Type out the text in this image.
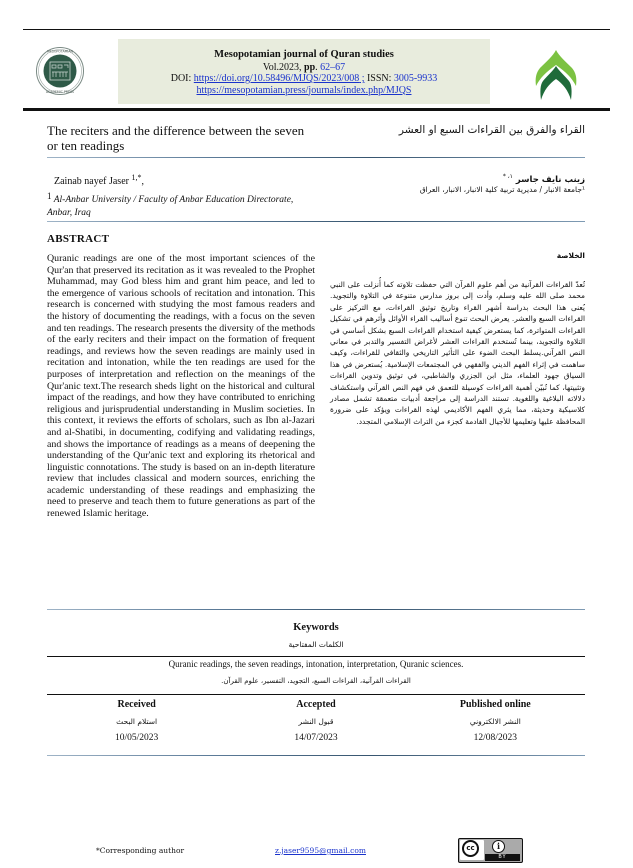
MESOPOTAMIAN
ACADEMIC PRESS
Mesopotamian journal of Quran studies
Vol.2023, pp. 62–67
DOI: https://doi.org/10.58496/MJQS/2023/008 ; ISSN: 3005-9933
https://mesopotamian.press/journals/index.php/MJQS
The reciters and the difference between the seven or ten readings
القراء والفرق بين القراءات السبع او العشر
Zainab nayef Jaser $^{1,*}$,
$^1$ Al-Anbar University / Faculty of Anbar Education Directorate, Anbar, Iraq
زينب نايف جاسر $^{١، *}$
¹جامعة الانبار / مديرية تربية كلية الانبار، الانبار، العراق
ABSTRACT
Quranic readings are one of the most important sciences of the Qur'an that preserved its recitation as it was revealed to the Prophet Muhammad, may God bless him and grant him peace, and led to the emergence of various schools of recitation and intonation. This research is concerned with studying the most famous readers and the history of documenting the readings, with a focus on the seven and ten readings. The research presents the diversity of the methods of the early reciters and their impact on the formation of frequent readings, and reviews how the seven readings are mainly used in recitation and intonation, while the ten readings are used for the purposes of interpretation and reflection on the meanings of the Qur'anic text.The research sheds light on the historical and cultural impact of the readings, and how they have contributed to enriching religious and jurisprudential understanding in Muslim societies. In this context, it reviews the efforts of scholars, such as Ibn al-Jazari and al-Shatibi, in documenting, codifying and validating readings, and shows the importance of readings as a means of deepening the understanding of the Qur'anic text and exploring its rhetorical and linguistic connotations. The study is based on an in-depth literature review that includes classical and modern sources, enriching the academic understanding of these readings and emphasizing the need to preserve and teach them to future generations as part of the renewed Islamic heritage.
الخلاصة
تُعدّ القراءات القرآنية من أهم علوم القرآن التي حفظت تلاوته كما أُنزلت على النبي محمد صلى الله عليه وسلم، وأدت إلى بروز مدارس متنوعة في التلاوة والتجويد. يُعنى هذا البحث بدراسة أشهر القراء وتاريخ توثيق القراءات، مع التركيز على القراءات السبع والعشر. يعرض البحث تنوع أساليب القراء الأوائل وأثرهم في تشكيل القراءات المتواترة، كما يستعرض كيفية استخدام القراءات السبع بشكل أساسي في التلاوة والتجويد، بينما تُستخدم القراءات العشر لأغراض التفسير والتدبر في معاني النص القرآني.يسلط البحث الضوء على التأثير التاريخي والثقافي للقراءات، وكيف ساهمت في إثراء الفهم الديني والفقهي في المجتمعات الإسلامية. يُستعرض في هذا السياق جهود العلماء، مثل ابن الجزري والشاطبي، في توثيق وتدوين القراءات وتثبيتها، كما تُبيّن أهمية القراءات كوسيلة للتعمق في فهم النص القرآني واستكشاف دلالاته البلاغية واللغوية. تستند الدراسة إلى مراجعة أدبيات متعمقة تشمل مصادر كلاسيكية وحديثة، مما يثري الفهم الأكاديمي لهذه القراءات ويؤكد على ضرورة المحافظة عليها وتعليمها للأجيال القادمة كجزء من التراث الإسلامي المتجدد.
Keywords
الكلمات المفتاحية
Quranic readings, the seven readings, intonation, interpretation, Quranic sciences.
القراءات القرآنية، القراءات السبع، التجويد، التفسير، علوم القرآن.
Received
استلام البحث
10/05/2023
Accepted
قبول النشر
14/07/2023
Published online
النشر الالكتروني
12/08/2023
*Corresponding author	z.jaser9595@gmail.com	cc	i
BY
